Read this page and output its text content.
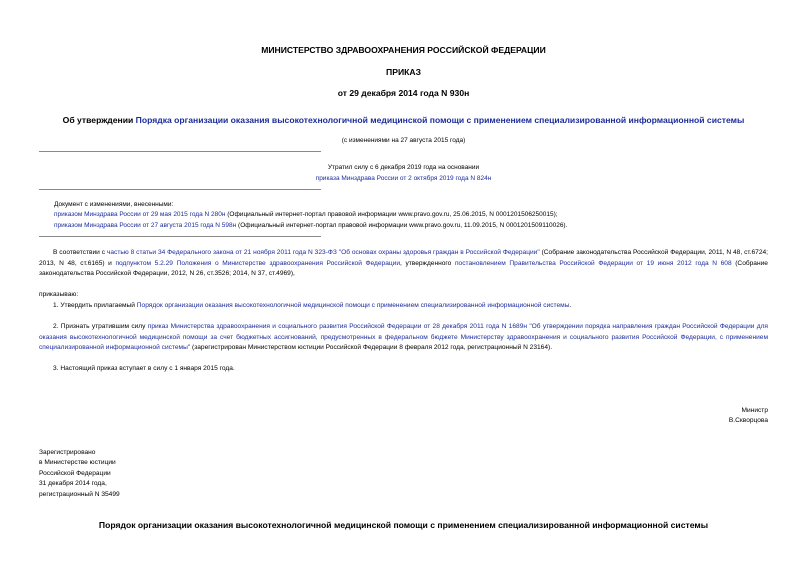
МИНИСТЕРСТВО ЗДРАВООХРАНЕНИЯ РОССИЙСКОЙ ФЕДЕРАЦИИ
ПРИКАЗ
от 29 декабря 2014 года N 930н
Об утверждении Порядка организации оказания высокотехнологичной медицинской помощи с применением специализированной информационной системы
(с изменениями на 27 августа 2015 года)
Утратил силу с 6 декабря 2019 года на основании
приказа Минздрава России от 2 октября 2019 года N 824н
Документ с изменениями, внесенными:
приказом Минздрава России от 29 мая 2015 года N 280н (Официальный интернет-портал правовой информации www.pravo.gov.ru, 25.06.2015, N 0001201506250015);
приказом Минздрава России от 27 августа 2015 года N 598н (Официальный интернет-портал правовой информации www.pravo.gov.ru, 11.09.2015, N 0001201509110026).
В соответствии с частью 8 статьи 34 Федерального закона от 21 ноября 2011 года N 323-ФЗ "Об основах охраны здоровья граждан в Российской Федерации" (Собрание законодательства Российской Федерации, 2011, N 48, ст.6724; 2013, N 48, ст.6165) и подпунктом 5.2.29 Положения о Министерстве здравоохранения Российской Федерации, утвержденного постановлением Правительства Российской Федерации от 19 июня 2012 года N 608 (Собрание законодательства Российской Федерации, 2012, N 26, ст.3526; 2014, N 37, ст.4969),
приказываю:
1. Утвердить прилагаемый Порядок организации оказания высокотехнологичной медицинской помощи с применением специализированной информационной системы.
2. Признать утратившим силу приказ Министерства здравоохранения и социального развития Российской Федерации от 28 декабря 2011 года N 1689н "Об утверждении порядка направления граждан Российской Федерации для оказания высокотехнологичной медицинской помощи за счет бюджетных ассигнований, предусмотренных в федеральном бюджете Министерству здравоохранения и социального развития Российской Федерации, с применением специализированной информационной системы" (зарегистрирован Министерством юстиции Российской Федерации 8 февраля 2012 года, регистрационный N 23164).
3. Настоящий приказ вступает в силу с 1 января 2015 года.
Министр
В.Скворцова
Зарегистрировано
в Министерстве юстиции
Российской Федерации
31 декабря 2014 года,
регистрационный N 35499
Порядок организации оказания высокотехнологичной медицинской помощи с применением специализированной информационной системы
